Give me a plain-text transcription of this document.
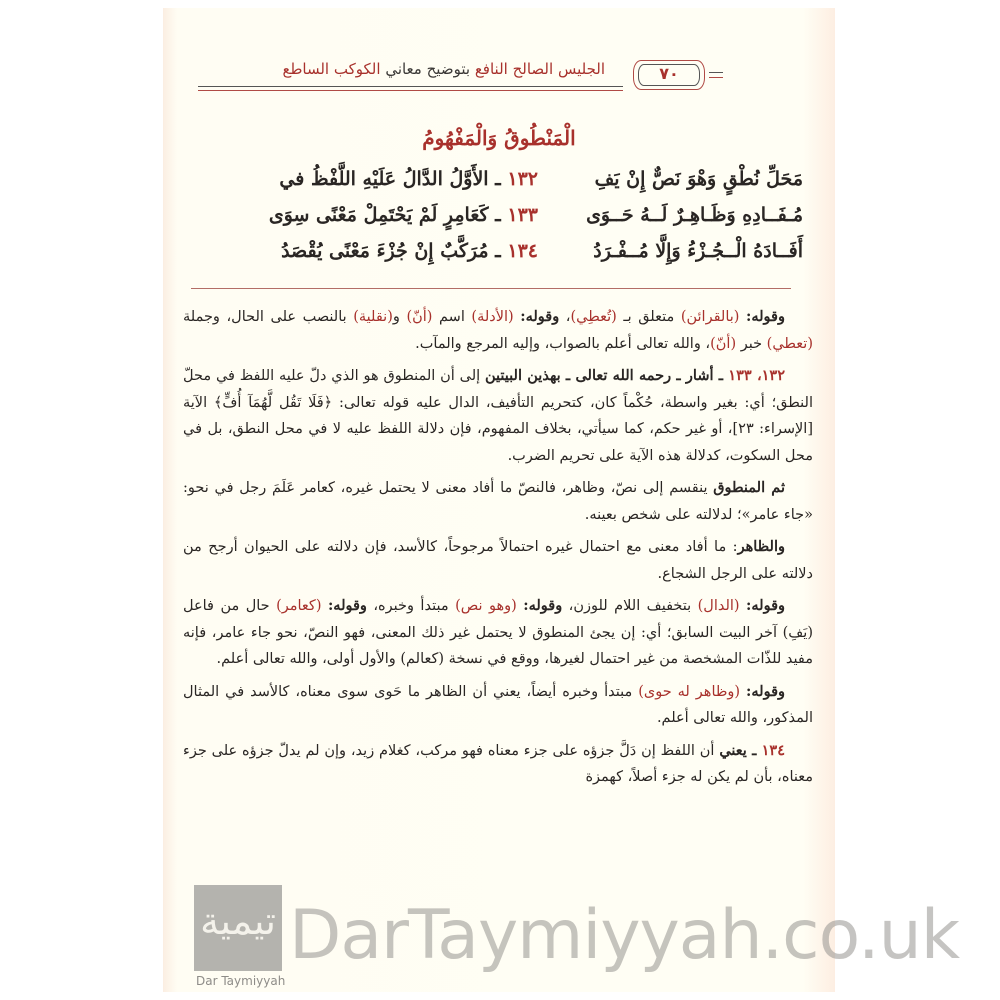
الجليس الصالح النافع بتوضيح معاني الكوكب الساطع	٧٠
الْمَنْطُوقُ وَالْمَفْهُومُ
١٣٢ ـ الأَوَّلُ الدَّالُ عَلَيْهِ اللَّفْظُ في	مَحَلِّ نُطْقٍ وَهْوَ نَصٌّ إِنْ يَفِ
١٣٣ ـ كَعَامِرٍ لَمْ يَحْتَمِلْ مَعْنًى سِوَى	مُـفَــادِهِ وَظَـاهِـرٌ لَــهُ حَــوَى
١٣٤ ـ مُرَكَّبٌ إِنْ جُزْءَ مَعْنًى يُقْصَدُ	أَفَــادَهُ الْــجُـزْءُ وَإِلَّا مُــفْـرَدُ

وقوله: (بالقرائن) متعلق بـ (تُعطِي)، وقوله: (الأدلة) اسم (أنّ) و(نقلية) بالنصب على الحال، وجملة (تعطي) خبر (أنّ)، والله تعالى أعلم بالصواب، وإليه المرجع والمآب.

١٣٢، ١٣٣ ـ أشار ـ رحمه الله تعالى ـ بهذين البيتين إلى أن المنطوق هو الذي دلّ عليه اللفظ في محلّ النطق؛ أي: بغير واسطة، حُكْماً كان، كتحريم التأفيف، الدال عليه قوله تعالى: ﴿فَلَا تَقُل لَّهُمَآ أُفٍّ﴾ الآية [الإسراء: ٢٣]، أو غير حكم، كما سيأتي، بخلاف المفهوم، فإن دلالة اللفظ عليه لا في محل النطق، بل في محل السكوت، كدلالة هذه الآية على تحريم الضرب.

ثم المنطوق ينقسم إلى نصّ، وظاهر، فالنصّ ما أفاد معنى لا يحتمل غيره، كعامر عَلَمَ رجل في نحو: «جاء عامر»؛ لدلالته على شخص بعينه.

والظاهر: ما أفاد معنى مع احتمال غيره احتمالاً مرجوحاً، كالأسد، فإن دلالته على الحيوان أرجح من دلالته على الرجل الشجاع.

وقوله: (الدال) بتخفيف اللام للوزن، وقوله: (وهو نص) مبتدأ وخبره، وقوله: (كعامر) حال من فاعل (يَفِ) آخر البيت السابق؛ أي: إن يجئ المنطوق لا يحتمل غير ذلك المعنى، فهو النصّ، نحو جاء عامر، فإنه مفيد للذّات المشخصة من غير احتمال لغيرها، ووقع في نسخة (كعالم) والأول أولى، والله تعالى أعلم.

وقوله: (وظاهر له حوى) مبتدأ وخبره أيضاً، يعني أن الظاهر ما حَوى سوى معناه، كالأسد في المثال المذكور، والله تعالى أعلم.

١٣٤ ـ يعني أن اللفظ إن دَلَّ جزؤه على جزء معناه فهو مركب، كغلام زيد، وإن لم يدلّ جزؤه على جزء معناه، بأن لم يكن له جزء أصلاً، كهمزة

تيمية
Dar Taymiyyah
DarTaymiyyah.co.uk
